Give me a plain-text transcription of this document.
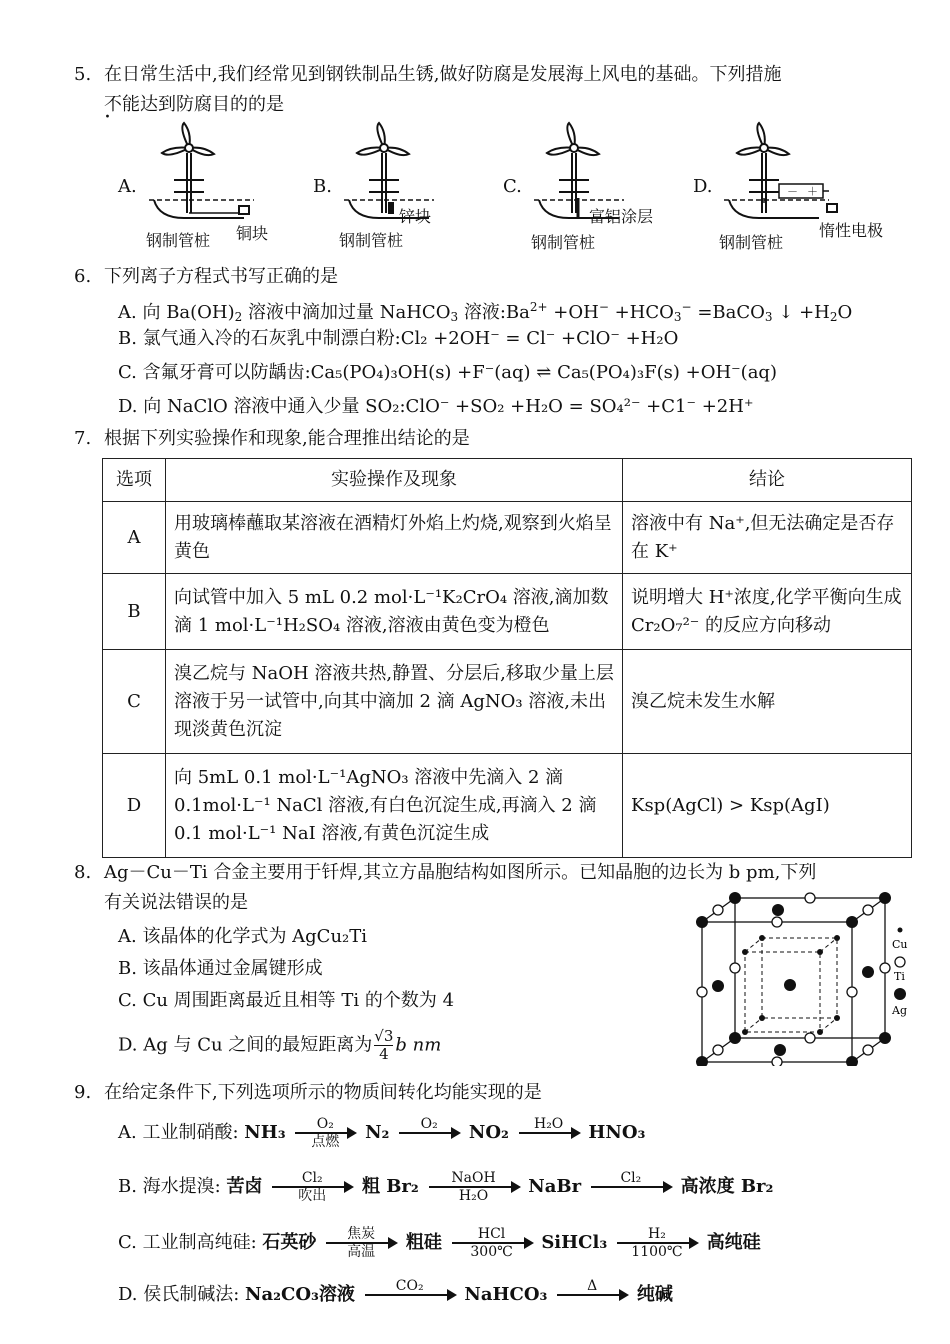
5. 在日常生活中,我们经常见到钢铁制品生锈,做好防腐是发展海上风电的基础。下列措施
不能达到防腐目的的是
A.
钢制管桩 铜块
B.
钢制管桩
锌块
C.
钢制管桩
富铝涂层
D.	－ ＋
钢制管桩
惰性电极
6. 下列离子方程式书写正确的是
A. 向 $Ba(OH)_2$ 溶液中滴加过量 NaHCO$_3$ 溶液$:Ba^{2+} +OH^- +HCO_3^-$ =BaCO$_3$ ↓ $+H_2O$
B. 氯气通入冷的石灰乳中制漂白粉:Cl₂ +2OH⁻ = Cl⁻ +ClO⁻ +H₂O
C. 含氟牙膏可以防龋齿:Ca₅(PO₄)₃OH(s) +F⁻(aq) ⇌ Ca₅(PO₄)₃F(s) +OH⁻(aq)
D. 向 NaClO 溶液中通入少量 SO₂:ClO⁻ +SO₂ +H₂O = SO₄²⁻ +C1⁻ +2H⁺
7. 根据下列实验操作和现象,能合理推出结论的是
选项	实验操作及现象	结论
A	用玻璃棒蘸取某溶液在酒精灯外焰上灼烧,观察到火焰呈黄色	溶液中有 Na⁺,但无法确定是否存在 K⁺
B	向试管中加入 5 mL 0.2 mol·L⁻¹K₂CrO₄ 溶液,滴加数滴 1 mol·L⁻¹H₂SO₄ 溶液,溶液由黄色变为橙色	说明增大 H⁺浓度,化学平衡向生成 Cr₂O₇²⁻ 的反应方向移动
C	溴乙烷与 NaOH 溶液共热,静置、分层后,移取少量上层溶液于另一试管中,向其中滴加 2 滴 AgNO₃ 溶液,未出现淡黄色沉淀	溴乙烷未发生水解
D	向 5mL 0.1 mol·L⁻¹AgNO₃ 溶液中先滴入 2 滴 0.1mol·L⁻¹ NaCl 溶液,有白色沉淀生成,再滴入 2 滴 0.1 mol·L⁻¹ NaI 溶液,有黄色沉淀生成	Ksp(AgCl) > Ksp(AgI)
8. Ag－Cu－Ti 合金主要用于钎焊,其立方晶胞结构如图所示。已知晶胞的边长为 b pm,下列
有关说法错误的是
A. 该晶体的化学式为 AgCu₂Ti
B. 该晶体通过金属键形成
C. Cu 周围距离最近且相等 Ti 的个数为 4
D. Ag 与 Cu 之间的最短距离为 $\frac{√3}{4}$ b nm
Cu
Ti
Ag
9. 在给定条件下,下列选项所示的物质间转化均能实现的是
A. 工业制硝酸: NH₃	O₂
点燃	N₂	O₂
	NO₂	H₂O
	HNO₃
B. 海水提溴: 苦卤	Cl₂
吹出	粗 Br₂	NaOH
H₂O	NaBr	Cl₂
	高浓度 Br₂
C. 工业制高纯硅: 石英砂	焦炭
高温	粗硅	HCl
300℃	SiHCl₃ $\frac{\text{H₂}}{1100℃}$ 高纯硅
D. 侯氏制碱法: Na₂CO₃溶液	CO₂
	NaHCO₃	Δ
	纯碱
